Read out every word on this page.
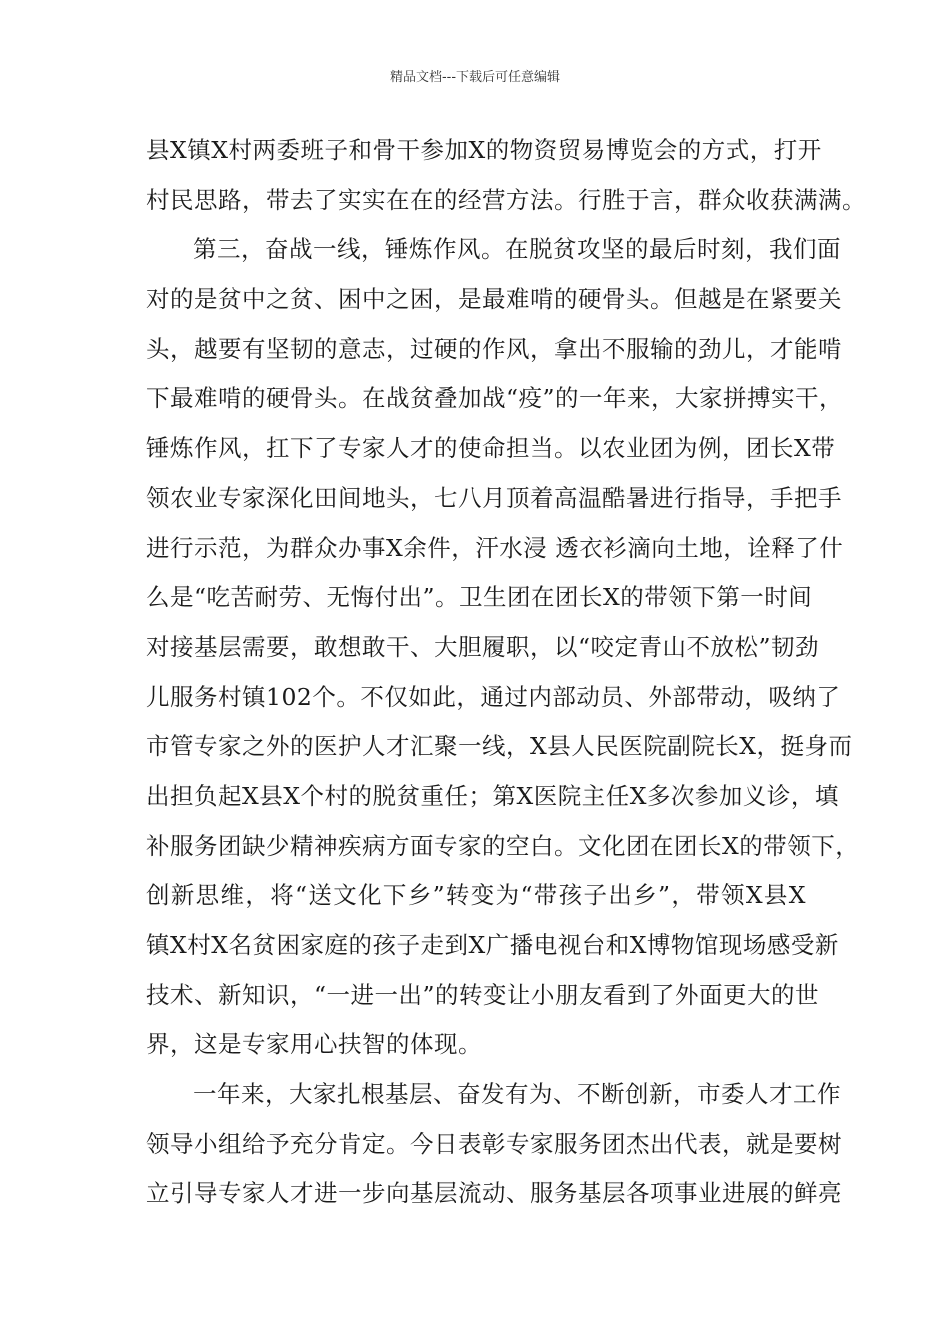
精品文档---下载后可任意编辑
县X镇X村两委班子和骨干参加X的物资贸易博览会的方式，打开
村民思路，带去了实实在在的经营方法。行胜于言，群众收获满满。
第三，奋战一线，锤炼作风。在脱贫攻坚的最后时刻，我们面
对的是贫中之贫、困中之困，是最难啃的硬骨头。但越是在紧要关
头，越要有坚韧的意志，过硬的作风，拿出不服输的劲儿，才能啃
下最难啃的硬骨头。在战贫叠加战“疫”的一年来，大家拼搏实干，
锤炼作风，扛下了专家人才的使命担当。以农业团为例，团长X带
领农业专家深化田间地头，七八月顶着高温酷暑进行指导，手把手
进行示范，为群众办事X余件，汗水浸 透衣衫滴向土地，诠释了什
么是“吃苦耐劳、无悔付出”。卫生团在团长X的带领下第一时间
对接基层需要，敢想敢干、大胆履职，以“咬定青山不放松”韧劲
儿服务村镇102个。不仅如此，通过内部动员、外部带动，吸纳了
市管专家之外的医护人才汇聚一线，X县人民医院副院长X，挺身而
出担负起X县X个村的脱贫重任；第X医院主任X多次参加义诊，填
补服务团缺少精神疾病方面专家的空白。文化团在团长X的带领下，
创新思维，将“送文化下乡”转变为“带孩子出乡”，带领X县X
镇X村X名贫困家庭的孩子走到X广播电视台和X博物馆现场感受新
技术、新知识，“一进一出”的转变让小朋友看到了外面更大的世
界，这是专家用心扶智的体现。
一年来，大家扎根基层、奋发有为、不断创新，市委人才工作
领导小组给予充分肯定。今日表彰专家服务团杰出代表，就是要树
立引导专家人才进一步向基层流动、服务基层各项事业进展的鲜亮
